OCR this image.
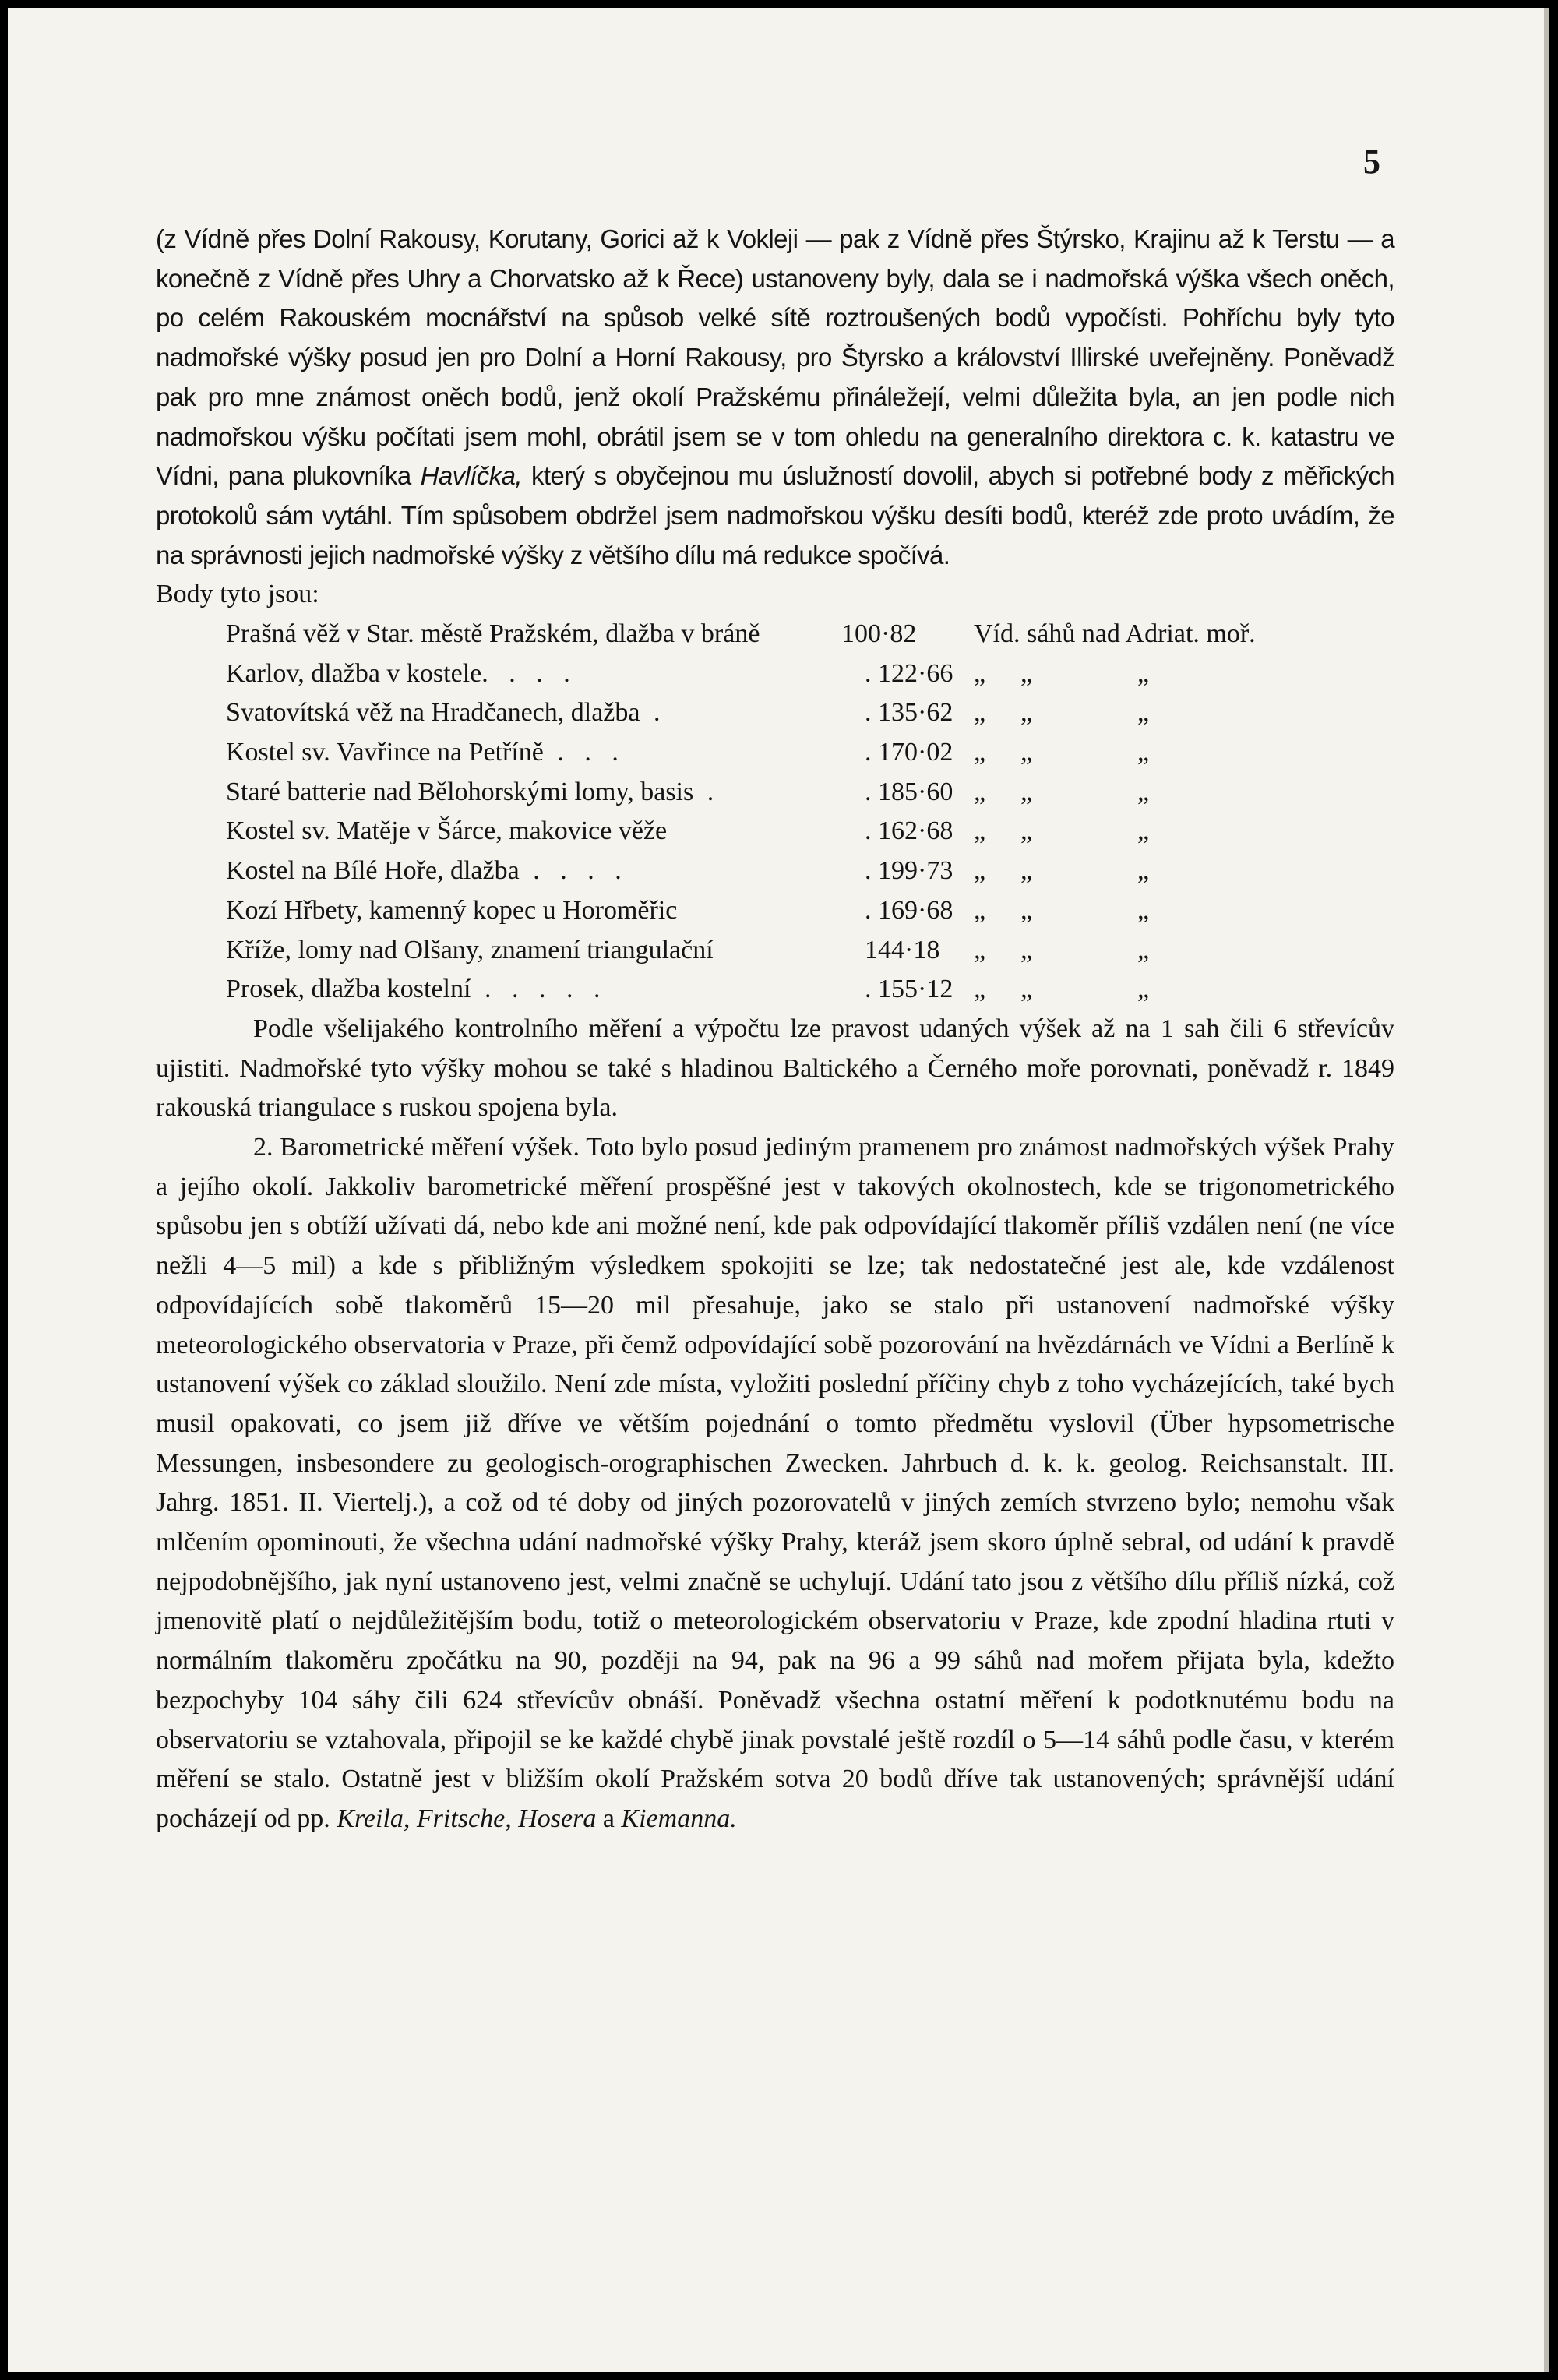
5

(z Vídně přes Dolní Rakousy, Korutany, Gorici až k Vokleji — pak z Vídně přes Štýrsko, Krajinu až k Terstu — a konečně z Vídně přes Uhry a Chorvatsko až k Řece) ustanoveny byly, dala se i nadmořská výška všech oněch, po celém Rakouském mocnářství na spůsob velké sítě roztroušených bodů vypočísti. Pohříchu byly tyto nadmořské výšky posud jen pro Dolní a Horní Rakousy, pro Štyrsko a království Illirské uveřejněny. Poněvadž pak pro mne známost oněch bodů, jenž okolí Pražskému přináležejí, velmi důležita byla, an jen podle nich nadmořskou výšku počítati jsem mohl, obrátil jsem se v tom ohledu na generalního direktora c. k. katastru ve Vídni, pana plukovníka Havlíčka, který s obyčejnou mu úslužností dovolil, abych si potřebné body z měřických protokolů sám vytáhl. Tím spůsobem obdržel jsem nadmořskou výšku desíti bodů, kteréž zde proto uvádím, že na správnosti jejich nadmořské výšky z většího dílu má redukce spočívá.

Body tyto jsou:

Prašná věž v Star. městě Pražském, dlažba v bráně	100·82	Víd. sáhů nad Adriat. moř.
Karlov, dlažba v kostele. . . .	. 122·66 „	„	„
Svatovítská věž na Hradčanech, dlažba .	. 135·62 „	„	„
Kostel sv. Vavřince na Petříně . . .	. 170·02 „	„	„
Staré batterie nad Bělohorskými lomy, basis .	. 185·60 „	„	„
Kostel sv. Matěje v Šárce, makovice věže	. 162·68 „	„	„
Kostel na Bílé Hoře, dlažba . . . .	. 199·73 „	„	„
Kozí Hřbety, kamenný kopec u Horoměřic	. 169·68 „	„	„
Kříže, lomy nad Olšany, znamení triangulační	144·18	„	„	„
Prosek, dlažba kostelní . . . . .	. 155·12 „	„	„

Podle všelijakého kontrolního měření a výpočtu lze pravost udaných výšek až na 1 sah čili 6 střevícův ujistiti. Nadmořské tyto výšky mohou se také s hladinou Baltického a Černého moře porovnati, poněvadž r. 1849 rakouská triangulace s ruskou spojena byla.

2. Barometrické měření výšek. Toto bylo posud jediným pramenem pro známost nadmořských výšek Prahy a jejího okolí. Jakkoliv barometrické měření prospěšné jest v takových okolnostech, kde se trigonometrického spůsobu jen s obtíží užívati dá, nebo kde ani možné není, kde pak odpovídající tlakoměr příliš vzdálen není (ne více nežli 4—5 mil) a kde s přibližným výsledkem spokojiti se lze; tak nedostatečné jest ale, kde vzdálenost odpovídajících sobě tlakoměrů 15—20 mil přesahuje, jako se stalo při ustanovení nadmořské výšky meteorologického observatoria v Praze, při čemž odpovídající sobě pozorování na hvězdárnách ve Vídni a Berlíně k ustanovení výšek co základ sloužilo. Není zde místa, vyložiti poslední příčiny chyb z toho vycházejících, také bych musil opakovati, co jsem již dříve ve větším pojednání o tomto předmětu vyslovil (Über hypsometrische Messungen, insbesondere zu geologisch-orographischen Zwecken. Jahrbuch d. k. k. geolog. Reichsanstalt. III. Jahrg. 1851. II. Viertelj.), a což od té doby od jiných pozorovatelů v jiných zemích stvrzeno bylo; nemohu však mlčením opominouti, že všechna udání nadmořské výšky Prahy, kteráž jsem skoro úplně sebral, od udání k pravdě nejpodobnějšího, jak nyní ustanoveno jest, velmi značně se uchylují. Udání tato jsou z většího dílu příliš nízká, což jmenovitě platí o nejdůležitějším bodu, totiž o meteorologickém observatoriu v Praze, kde zpodní hladina rtuti v normálním tlakoměru zpočátku na 90, později na 94, pak na 96 a 99 sáhů nad mořem přijata byla, kdežto bezpochyby 104 sáhy čili 624 střevícův obnáší. Poněvadž všechna ostatní měření k podotknutému bodu na observatoriu se vztahovala, připojil se ke každé chybě jinak povstalé ještě rozdíl o 5—14 sáhů podle času, v kterém měření se stalo. Ostatně jest v bližším okolí Pražském sotva 20 bodů dříve tak ustanovených; správnější udání pocházejí od pp. Kreila, Fritsche, Hosera a Kiemanna.
